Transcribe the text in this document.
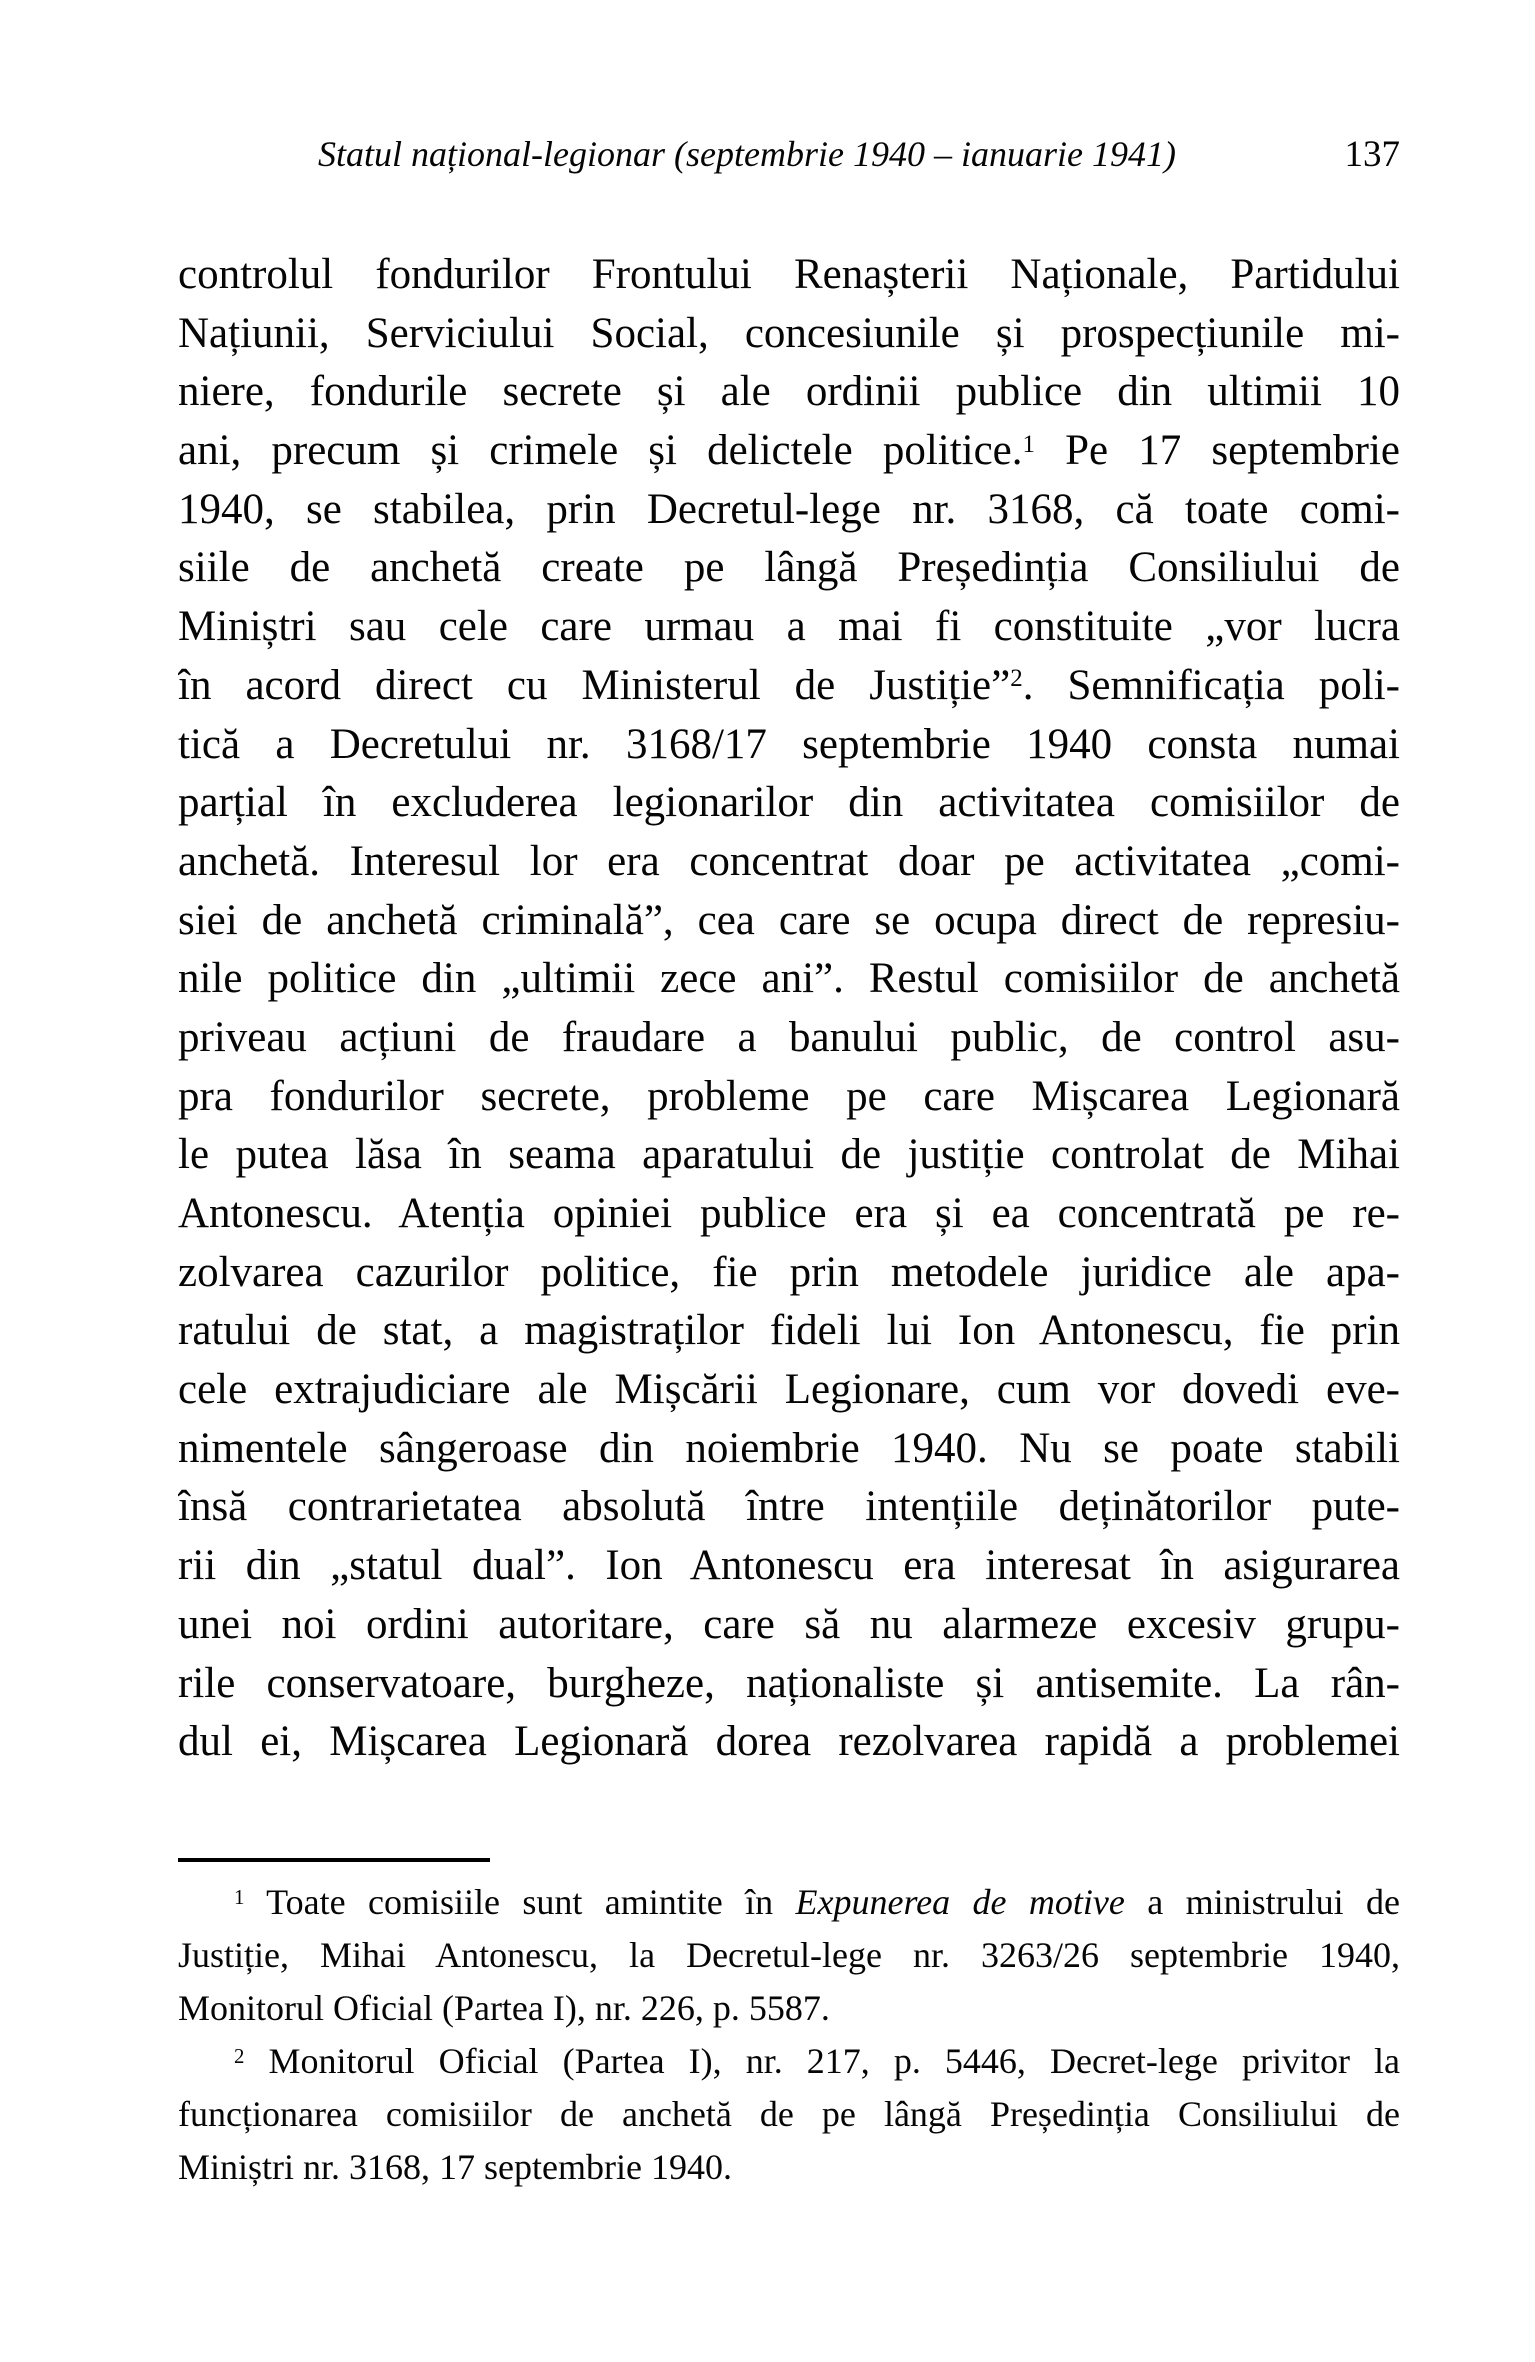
Statul național-legionar (septembrie 1940 – ianuarie 1941)	137
controlul fondurilor Frontului Renașterii Naționale, Partidului
Națiunii, Serviciului Social, concesiunile și prospecțiunile mi-
niere, fondurile secrete și ale ordinii publice din ultimii 10
ani, precum și crimele și delictele politice.$^1$ Pe 17 septembrie
1940, se stabilea, prin Decretul-lege nr. 3168, că toate comi-
siile de anchetă create pe lângă Președinția Consiliului de
Miniștri sau cele care urmau a mai fi constituite „vor lucra
în acord direct cu Ministerul de Justiție”$^2$. Semnificația poli-
tică a Decretului nr. 3168/17 septembrie 1940 consta numai
parțial în excluderea legionarilor din activitatea comisiilor de
anchetă. Interesul lor era concentrat doar pe activitatea „comi-
siei de anchetă criminală”, cea care se ocupa direct de represiu-
nile politice din „ultimii zece ani”. Restul comisiilor de anchetă
priveau acțiuni de fraudare a banului public, de control asu-
pra fondurilor secrete, probleme pe care Mișcarea Legionară
le putea lăsa în seama aparatului de justiție controlat de Mihai
Antonescu. Atenția opiniei publice era și ea concentrată pe re-
zolvarea cazurilor politice, fie prin metodele juridice ale apa-
ratului de stat, a magistraților fideli lui Ion Antonescu, fie prin
cele extrajudiciare ale Mișcării Legionare, cum vor dovedi eve-
nimentele sângeroase din noiembrie 1940. Nu se poate stabili
însă contrarietatea absolută între intențiile deținătorilor pute-
rii din „statul dual”. Ion Antonescu era interesat în asigurarea
unei noi ordini autoritare, care să nu alarmeze excesiv grupu-
rile conservatoare, burgheze, naționaliste și antisemite. La rân-
dul ei, Mișcarea Legionară dorea rezolvarea rapidă a problemei
$^1$ Toate comisiile sunt amintite în Expunerea de motive a ministrului de
Justiție, Mihai Antonescu, la Decretul-lege nr. 3263/26 septembrie 1940,
Monitorul Oficial (Partea I), nr. 226, p. 5587.
$^2$ Monitorul Oficial (Partea I), nr. 217, p. 5446, Decret-lege privitor la
funcționarea comisiilor de anchetă de pe lângă Președinția Consiliului de
Miniștri nr. 3168, 17 septembrie 1940.
